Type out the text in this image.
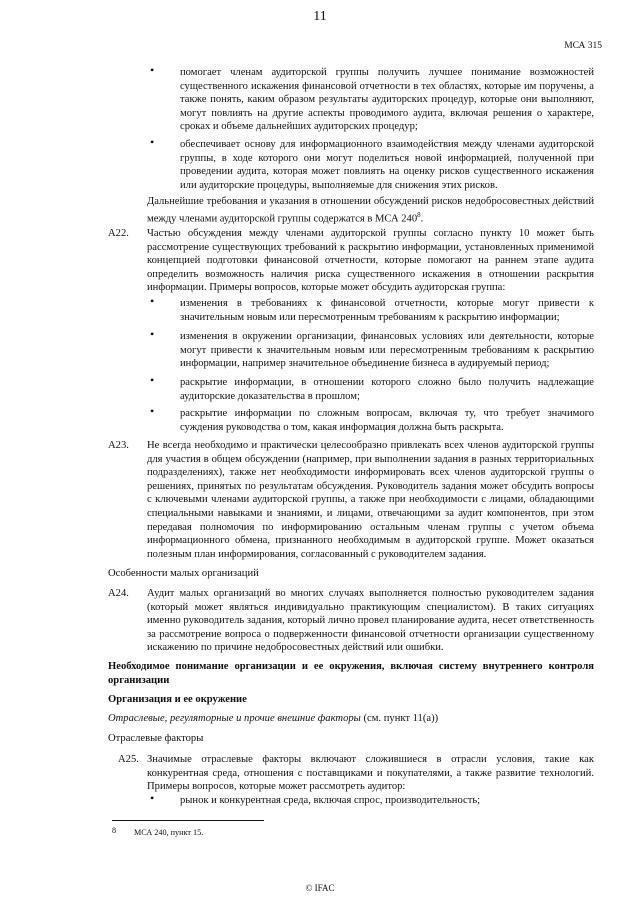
11
МСА 315
• помогает членам аудиторской группы получить лучшее понимание возможностей существенного искажения финансовой отчетности в тех областях, которые им поручены, а также понять, каким образом результаты аудиторских процедур, которые они выполняют, могут повлиять на другие аспекты проводимого аудита, включая решения о характере, сроках и объеме дальнейших аудиторских процедур;
• обеспечивает основу для информационного взаимодействия между членами аудиторской группы, в ходе которого они могут поделиться новой информацией, полученной при проведении аудита, которая может повлиять на оценку рисков существенного искажения или аудиторские процедуры, выполняемые для снижения этих рисков.
Дальнейшие требования и указания в отношении обсуждений рисков недобросовестных действий между членами аудиторской группы содержатся в МСА $240^8$.
A22. Частью обсуждения между членами аудиторской группы согласно пункту 10 может быть рассмотрение существующих требований к раскрытию информации, установленных применимой концепцией подготовки финансовой отчетности, которые помогают на раннем этапе аудита определить возможность наличия риска существенного искажения в отношении раскрытия информации. Примеры вопросов, которые может обсудить аудиторская группа:
• изменения в требованиях к финансовой отчетности, которые могут привести к значительным новым или пересмотренным требованиям к раскрытию информации;
• изменения в окружении организации, финансовых условиях или деятельности, которые могут привести к значительным новым или пересмотренным требованиям к раскрытию информации, например значительное объединение бизнеса в аудируемый период;
• раскрытие информации, в отношении которого сложно было получить надлежащие аудиторские доказательства в прошлом;
• раскрытие информации по сложным вопросам, включая ту, что требует значимого суждения руководства о том, какая информация должна быть раскрыта.
A23. Не всегда необходимо и практически целесообразно привлекать всех членов аудиторской группы для участия в общем обсуждении (например, при выполнении задания в разных территориальных подразделениях), также нет необходимости информировать всех членов аудиторской группы о решениях, принятых по результатам обсуждения. Руководитель задания может обсудить вопросы с ключевыми членами аудиторской группы, а также при необходимости с лицами, обладающими специальными навыками и знаниями, и лицами, отвечающими за аудит компонентов, при этом передавая полномочия по информированию остальным членам группы с учетом объема информационного обмена, признанного необходимым в аудиторской группе. Может оказаться полезным план информирования, согласованный с руководителем задания.
Особенности малых организаций
A24. Аудит малых организаций во многих случаях выполняется полностью руководителем задания (который может являться индивидуально практикующим специалистом). В таких ситуациях именно руководитель задания, который лично провел планирование аудита, несет ответственность за рассмотрение вопроса о подверженности финансовой отчетности организации существенному искажению по причине недобросовестных действий или ошибки.
Необходимое понимание организации и ее окружения, включая систему внутреннего контроля организации
Организация и ее окружение
Отраслевые, регуляторные и прочие внешние факторы (см. пункт 11(а))
Отраслевые факторы
A25. Значимые отраслевые факторы включают сложившиеся в отрасли условия, такие как конкурентная среда, отношения с поставщиками и покупателями, а также развитие технологий. Примеры вопросов, которые может рассмотреть аудитор:
• рынок и конкурентная среда, включая спрос, производительность;
8 МСА 240, пункт 15.
© IFAC
